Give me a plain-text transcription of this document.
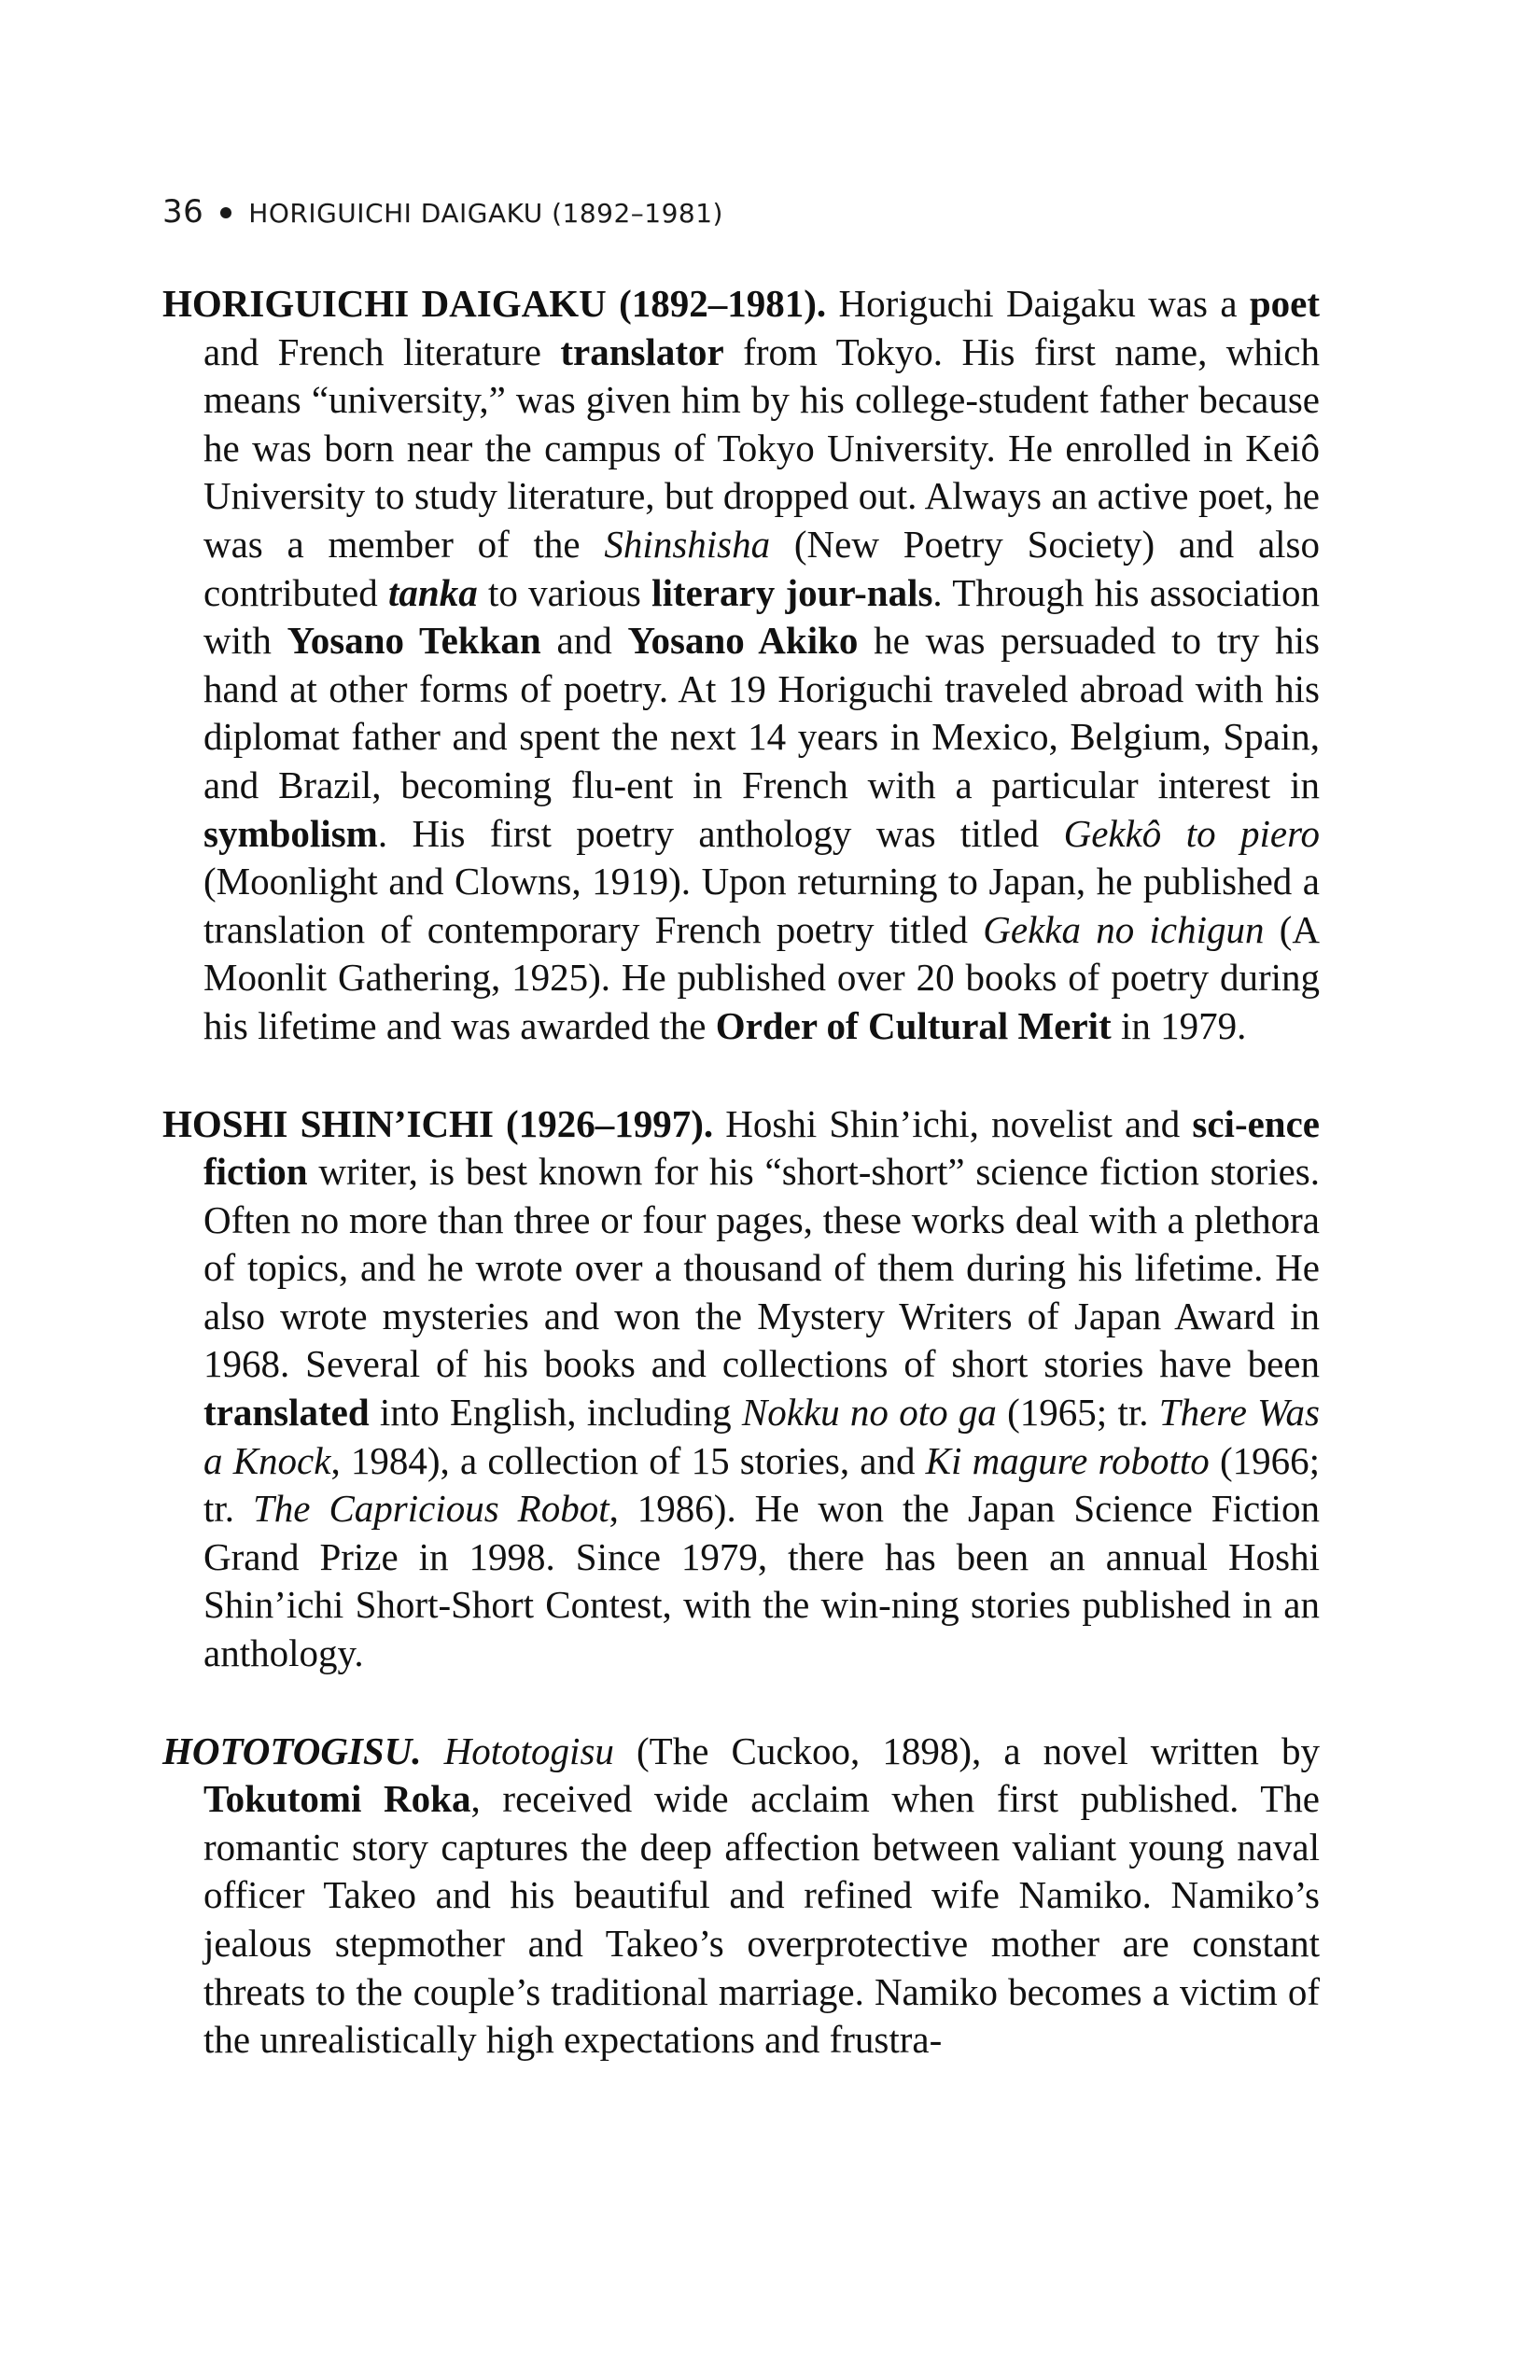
36 HORIGUICHI DAIGAKU (1892–1981)

HORIGUICHI DAIGAKU (1892–1981). Horiguchi Daigaku was a poet and French literature translator from Tokyo. His first name, which means “university,” was given him by his college-student father because he was born near the campus of Tokyo University. He enrolled in Keiô University to study literature, but dropped out. Always an active poet, he was a member of the Shinshisha (New Poetry Society) and also contributed tanka to various literary jour-nals. Through his association with Yosano Tekkan and Yosano Akiko he was persuaded to try his hand at other forms of poetry. At 19 Horiguchi traveled abroad with his diplomat father and spent the next 14 years in Mexico, Belgium, Spain, and Brazil, becoming flu-ent in French with a particular interest in symbolism. His first poetry anthology was titled Gekkô to piero (Moonlight and Clowns, 1919). Upon returning to Japan, he published a translation of contemporary French poetry titled Gekka no ichigun (A Moonlit Gathering, 1925). He published over 20 books of poetry during his lifetime and was awarded the Order of Cultural Merit in 1979.

HOSHI SHIN’ICHI (1926–1997). Hoshi Shin’ichi, novelist and sci-ence fiction writer, is best known for his “short-short” science fiction stories. Often no more than three or four pages, these works deal with a plethora of topics, and he wrote over a thousand of them during his lifetime. He also wrote mysteries and won the Mystery Writers of Japan Award in 1968. Several of his books and collections of short stories have been translated into English, including Nokku no oto ga (1965; tr. There Was a Knock, 1984), a collection of 15 stories, and Ki magure robotto (1966; tr. The Capricious Robot, 1986). He won the Japan Science Fiction Grand Prize in 1998. Since 1979, there has been an annual Hoshi Shin’ichi Short-Short Contest, with the win-ning stories published in an anthology.

HOTOTOGISU. Hototogisu (The Cuckoo, 1898), a novel written by Tokutomi Roka, received wide acclaim when first published. The romantic story captures the deep affection between valiant young naval officer Takeo and his beautiful and refined wife Namiko. Namiko’s jealous stepmother and Takeo’s overprotective mother are constant threats to the couple’s traditional marriage. Namiko becomes a victim of the unrealistically high expectations and frustra-
